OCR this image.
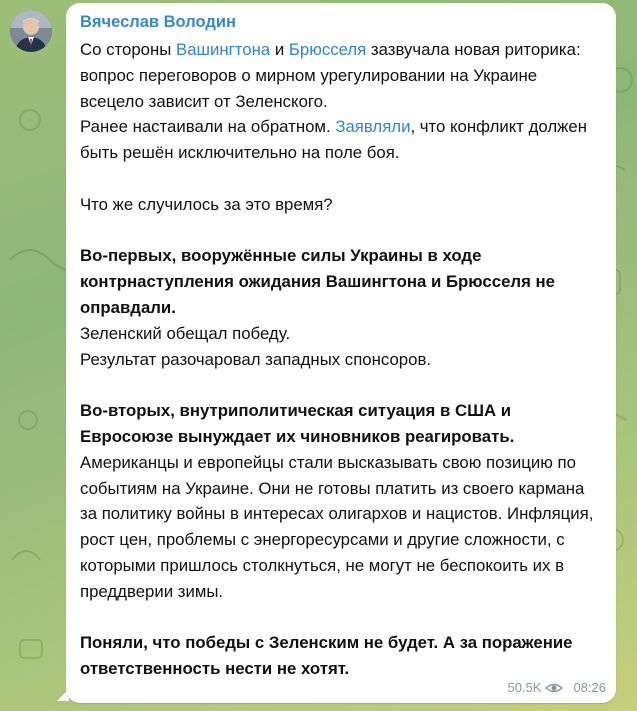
Вячеслав Володин

Со стороны Вашингтона и Брюсселя зазвучала новая риторика: вопрос переговоров о мирном урегулировании на Украине всецело зависит от Зеленского.

Ранее настаивали на обратном. Заявляли, что конфликт должен быть решён исключительно на поле боя.

Что же случилось за это время?

Во-первых, вооружённые силы Украины в ходе контрнаступления ожидания Вашингтона и Брюсселя не оправдали.

Зеленский обещал победу.

Результат разочаровал западных спонсоров.

Во-вторых, внутриполитическая ситуация в США и Евросоюзе вынуждает их чиновников реагировать. Американцы и европейцы стали высказывать свою позицию по событиям на Украине. Они не готовы платить из своего кармана за политику войны в интересах олигархов и нацистов. Инфляция, рост цен, проблемы с энергоресурсами и другие сложности, с которыми пришлось столкнуться, не могут не беспокоить их в преддверии зимы.

Поняли, что победы с Зеленским не будет. А за поражение ответственность нести не хотят.

50.5K 08:26
